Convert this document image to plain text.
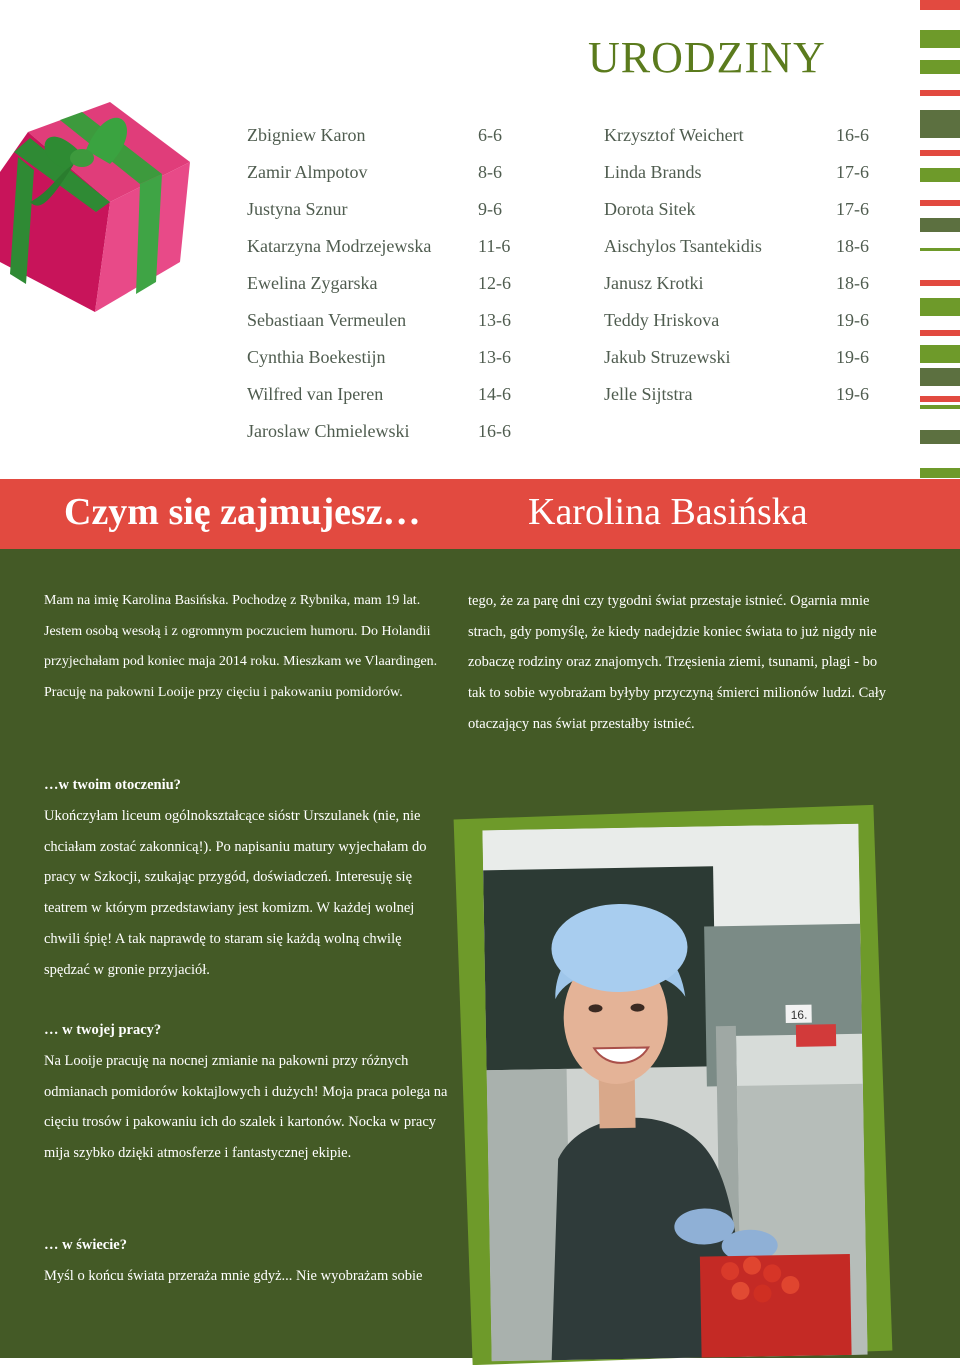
URODZINY
Zbigniew Karon	6-6
Zamir Almpotov	8-6
Justyna Sznur	9-6
Katarzyna Modrzejewska	11-6
Ewelina Zygarska	12-6
Sebastiaan Vermeulen	13-6
Cynthia Boekestijn	13-6
Wilfred van Iperen	14-6
Jaroslaw Chmielewski	16-6
Krzysztof Weichert	16-6
Linda Brands	17-6
Dorota Sitek	17-6
Aischylos Tsantekidis	18-6
Janusz Krotki	18-6
Teddy Hriskova	19-6
Jakub Struzewski	19-6
Jelle Sijtstra	19-6
Czym się zajmujesz…	Karolina Basińska

Mam na imię Karolina Basińska. Pochodzę z Rybnika, mam 19 lat. Jestem osobą wesołą i z ogromnym poczuciem humoru. Do Holandii przyjechałam pod koniec maja 2014 roku. Mieszkam we Vlaardingen. Pracuję na pakowni Looije przy cięciu i pakowaniu pomidorów.

tego, że za parę dni czy tygodni świat przestaje istnieć. Ogarnia mnie strach, gdy pomyślę, że kiedy nadejdzie koniec świata to już nigdy nie zobaczę rodziny oraz znajomych. Trzęsienia ziemi, tsunami, plagi - bo tak to sobie wyobrażam byłyby przyczyną śmierci milionów ludzi. Cały otaczający nas świat przestałby istnieć.

…w twoim otoczeniu?

Ukończyłam liceum ogólnokształcące sióstr Urszulanek (nie, nie chciałam zostać zakonnicą!). Po napisaniu matury wyjechałam do pracy w Szkocji, szukając przygód, doświadczeń. Interesuję się teatrem w którym przedstawiany jest komizm. W każdej wolnej chwili śpię! A tak naprawdę to staram się każdą wolną chwilę spędzać w gronie przyjaciół.

… w twojej pracy?

Na Looije pracuję na nocnej zmianie na pakowni przy różnych odmianach pomidorów koktajlowych i dużych! Moja praca polega na cięciu trosów i pakowaniu ich do szalek i kartonów. Nocka w pracy mija szybko dzięki atmosferze i fantastycznej ekipie.

… w świecie?

Myśl o końcu świata przeraża mnie gdyż... Nie wyobrażam sobie

16.
